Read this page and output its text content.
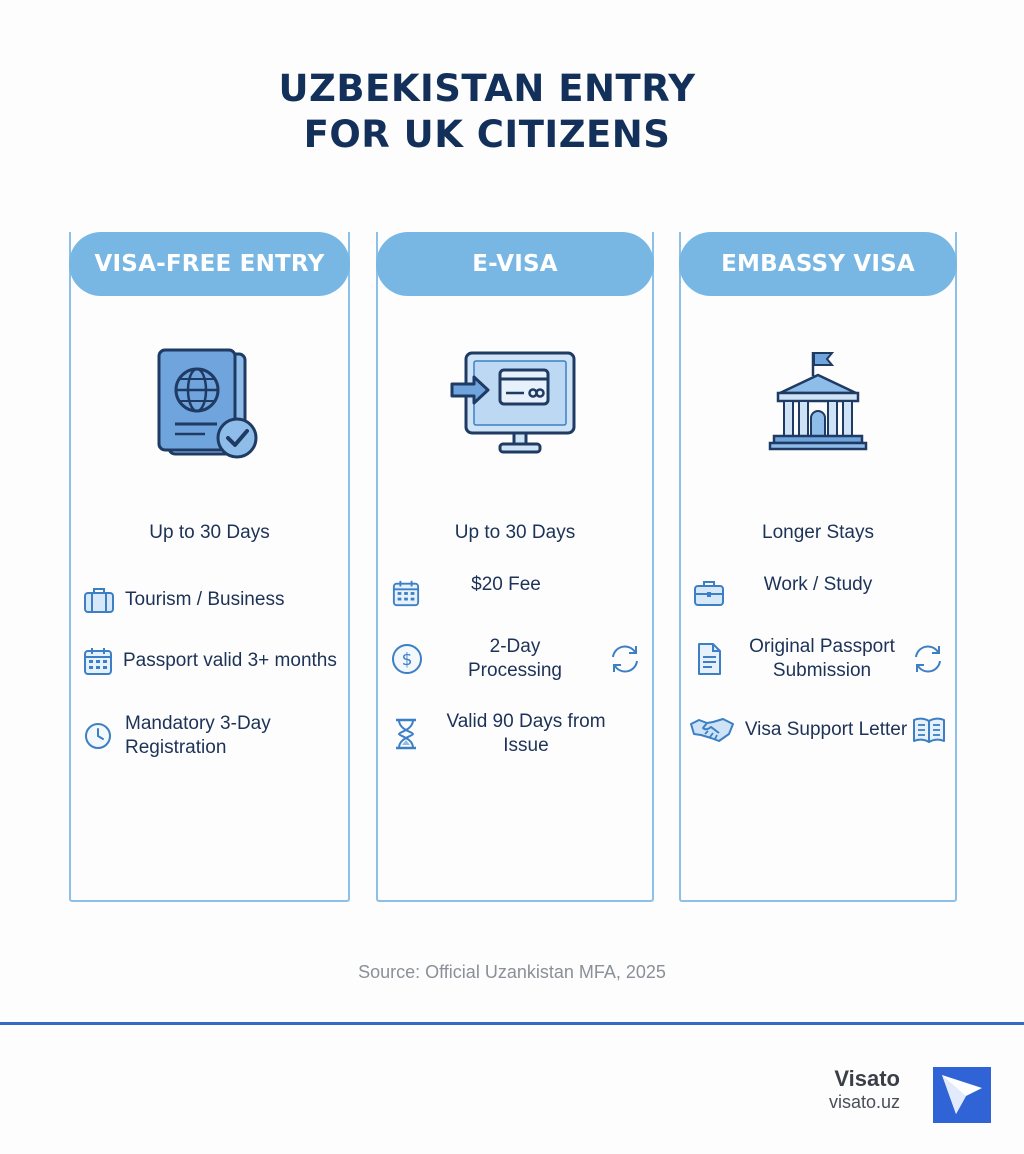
UZBEKISTAN ENTRY
FOR UK CITIZENS
VISA-FREE ENTRY
Up to 30 Days
Tourism / Business
Passport valid 3+ months
Mandatory 3-Day Registration
E-VISA
Up to 30 Days
$20 Fee
$
2-Day Processing
Valid 90 Days from Issue
EMBASSY VISA
Longer Stays
Work / Study
Original Passport Submission
Visa Support Letter
Source: Official Uzankistan MFA, 2025
Visato
visato.uz
